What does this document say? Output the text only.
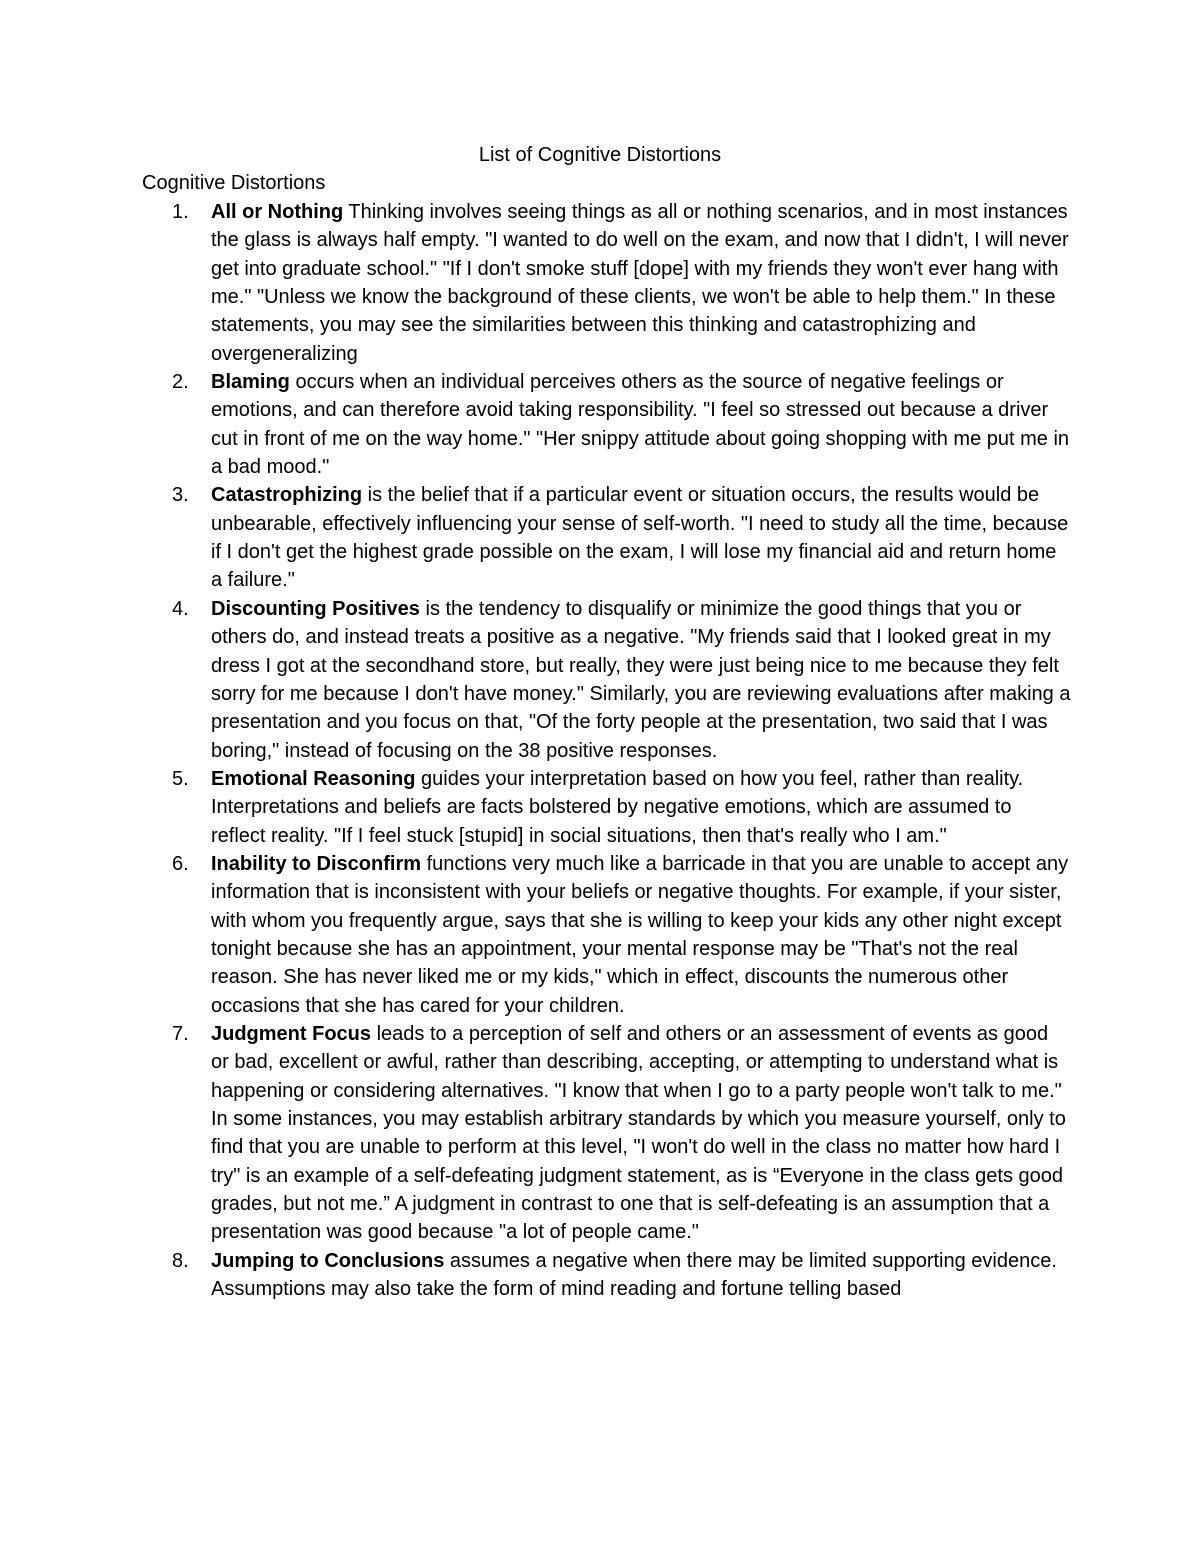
List of Cognitive Distortions
Cognitive Distortions
1.	All or Nothing Thinking involves seeing things as all or nothing scenarios, and in most instances the glass is always half empty. "I wanted to do well on the exam, and now that I didn't, I will never get into graduate school." "If I don't smoke stuff [dope] with my friends they won't ever hang with me." "Unless we know the background of these clients, we won't be able to help them." In these statements, you may see the similarities between this thinking and catastrophizing and overgeneralizing
2.	Blaming occurs when an individual perceives others as the source of negative feelings or emotions, and can therefore avoid taking responsibility. "I feel so stressed out because a driver cut in front of me on the way home." "Her snippy attitude about going shopping with me put me in a bad mood."
3.	Catastrophizing is the belief that if a particular event or situation occurs, the results would be unbearable, effectively influencing your sense of self-worth. "I need to study all the time, because if I don't get the highest grade possible on the exam, I will lose my financial aid and return home a failure."
4.	Discounting Positives is the tendency to disqualify or minimize the good things that you or others do, and instead treats a positive as a negative. "My friends said that I looked great in my dress I got at the secondhand store, but really, they were just being nice to me because they felt sorry for me because I don't have money." Similarly, you are reviewing evaluations after making a presentation and you focus on that, "Of the forty people at the presentation, two said that I was boring," instead of focusing on the 38 positive responses.
5.	Emotional Reasoning guides your interpretation based on how you feel, rather than reality. Interpretations and beliefs are facts bolstered by negative emotions, which are assumed to reflect reality. "If I feel stuck [stupid] in social situations, then that's really who I am."
6.	Inability to Disconfirm functions very much like a barricade in that you are unable to accept any information that is inconsistent with your beliefs or negative thoughts. For example, if your sister, with whom you frequently argue, says that she is willing to keep your kids any other night except tonight because she has an appointment, your mental response may be "That's not the real reason. She has never liked me or my kids," which in effect, discounts the numerous other occasions that she has cared for your children.
7.	Judgment Focus leads to a perception of self and others or an assessment of events as good or bad, excellent or awful, rather than describing, accepting, or attempting to understand what is happening or considering alternatives. "I know that when I go to a party people won't talk to me." In some instances, you may establish arbitrary standards by which you measure yourself, only to find that you are unable to perform at this level, "I won't do well in the class no matter how hard I try" is an example of a self-defeating judgment statement, as is “Everyone in the class gets good grades, but not me.” A judgment in contrast to one that is self-defeating is an assumption that a presentation was good because "a lot of people came."
8.	Jumping to Conclusions assumes a negative when there may be limited supporting evidence. Assumptions may also take the form of mind reading and fortune telling based
